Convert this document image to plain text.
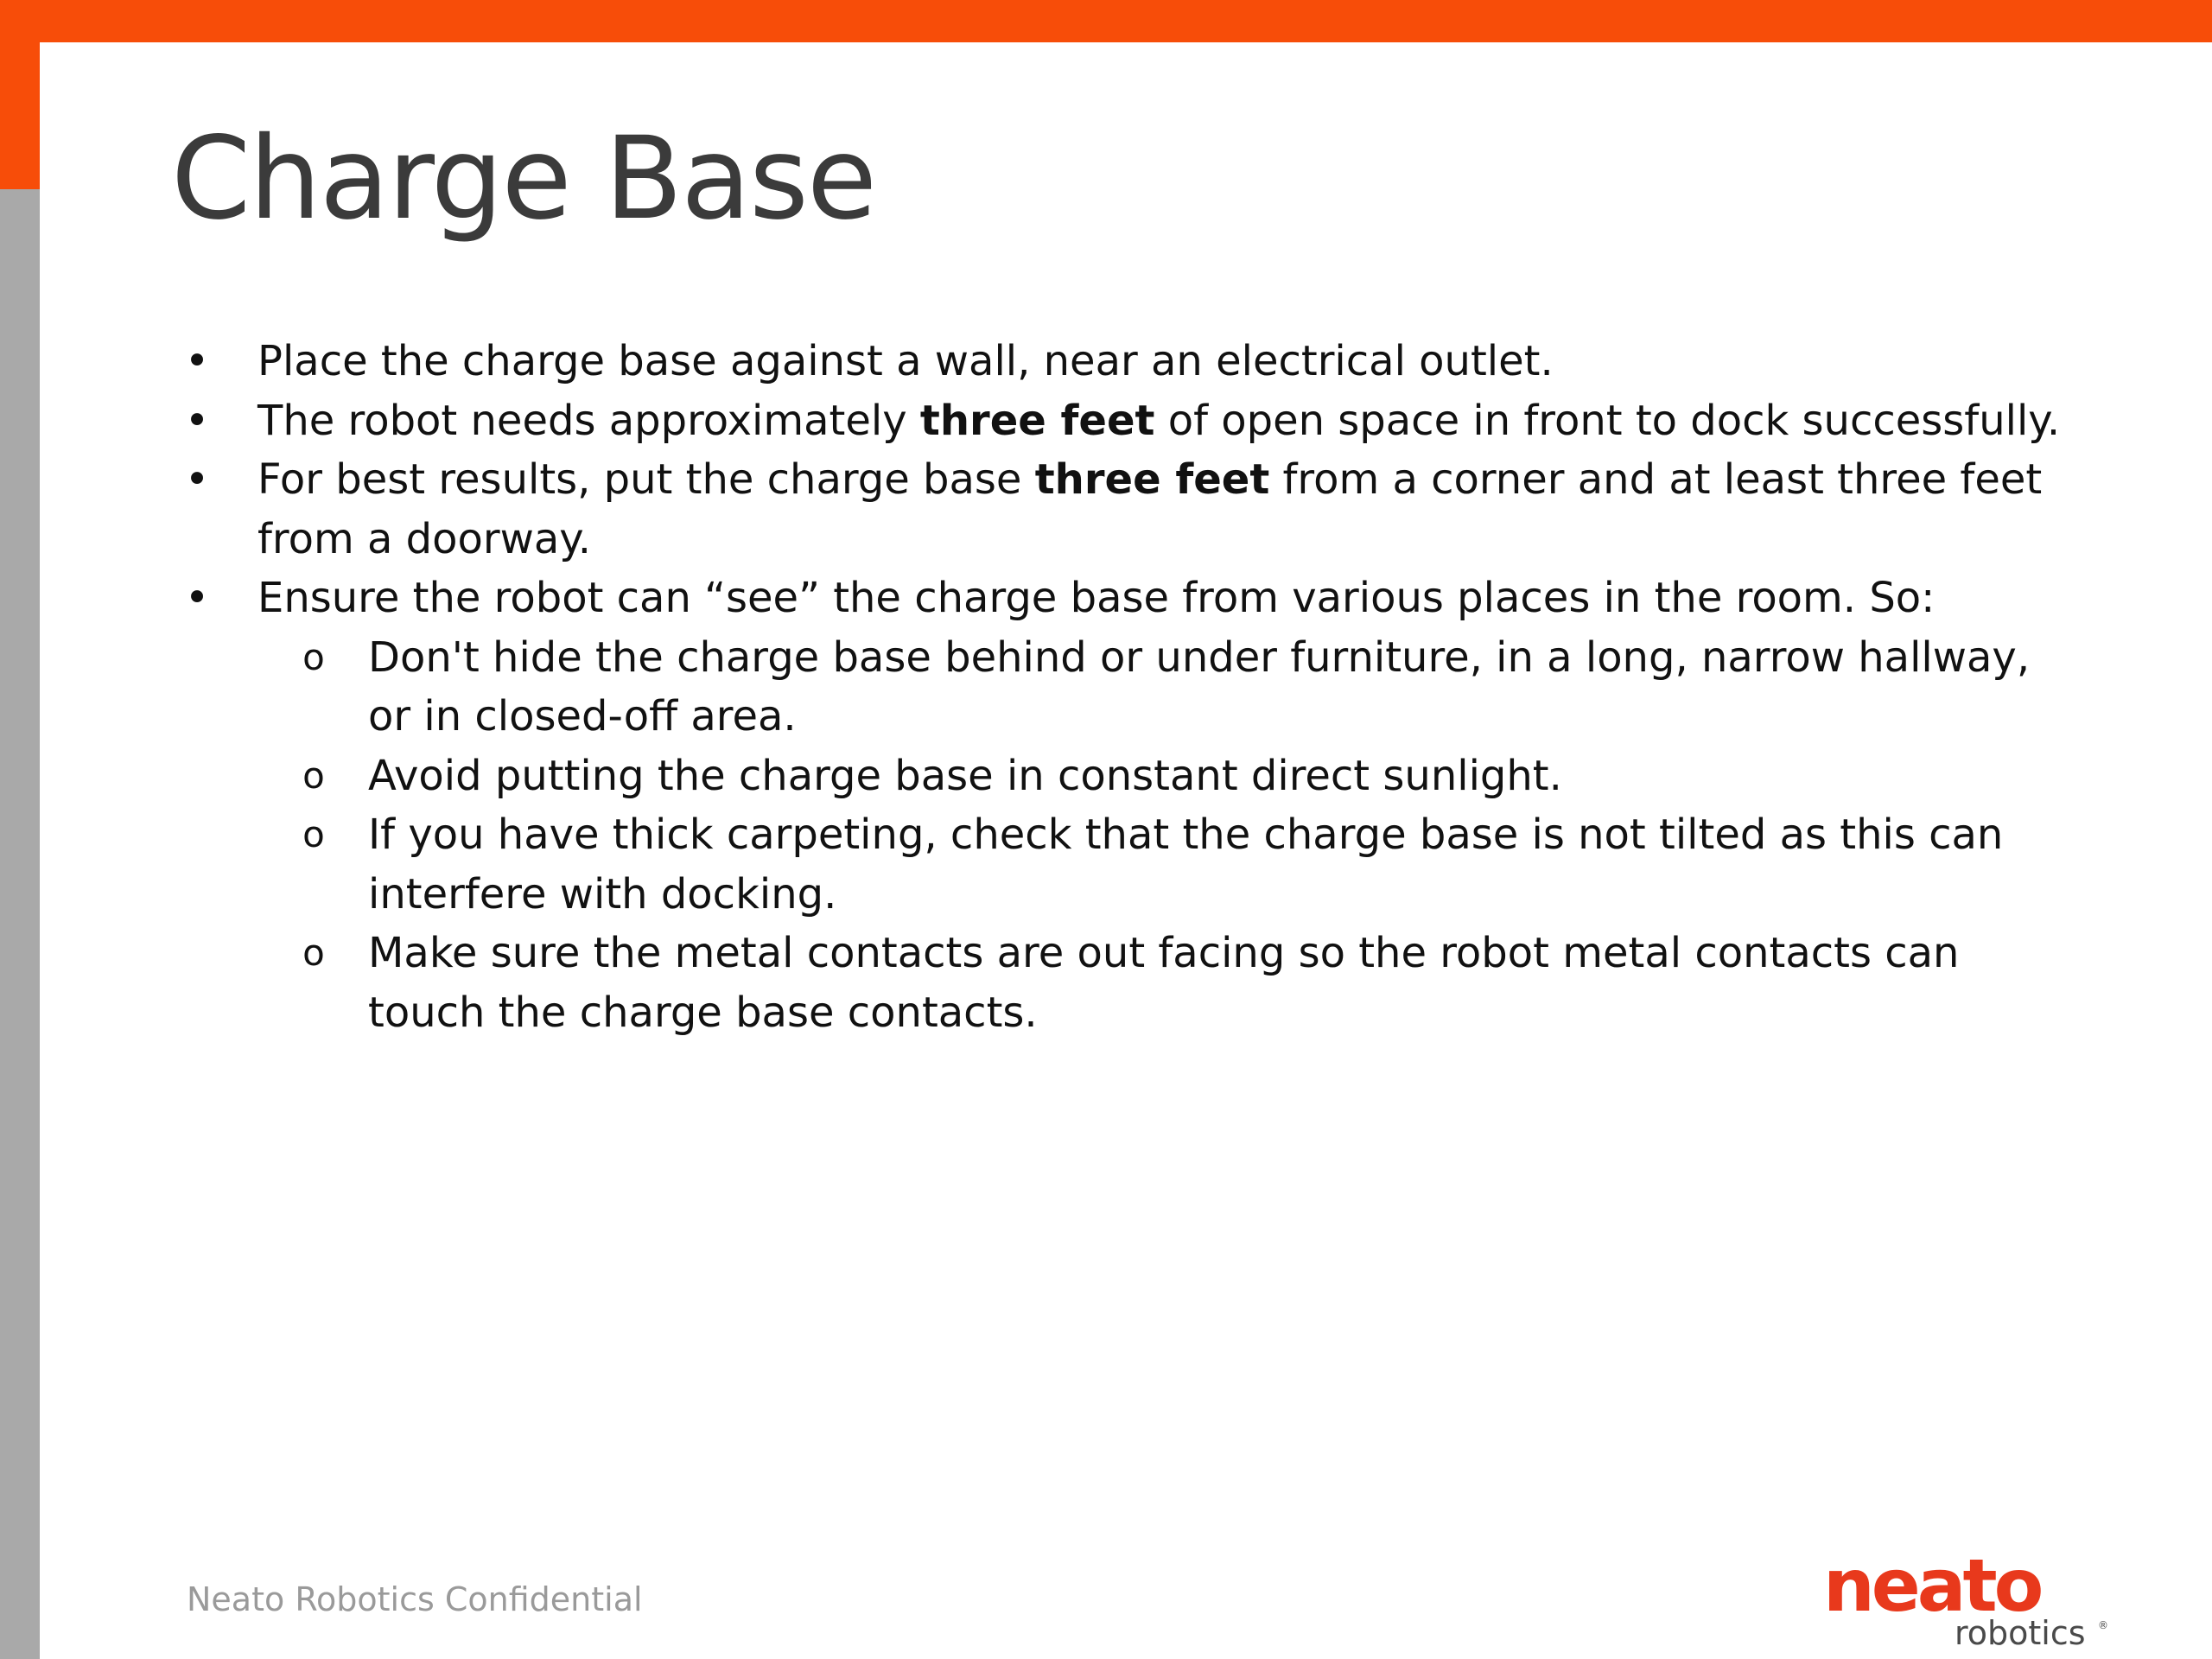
Charge Base
•	Place the charge base against a wall, near an electrical outlet.
•	The robot needs approximately three feet of open space in front to dock successfully.
•	For best results, put the charge base three feet from a corner and at least three feet
from a doorway.
•	Ensure the robot can “see” the charge base from various places in the room. So:
o	Don't hide the charge base behind or under furniture, in a long, narrow hallway,
or in closed-off area.
o	Avoid putting the charge base in constant direct sunlight.
o	If you have thick carpeting, check that the charge base is not tilted as this can
interfere with docking.
o	Make sure the metal contacts are out facing so the robot metal contacts can
touch the charge base contacts.
Neato Robotics Confidential	neato
robotics ®
